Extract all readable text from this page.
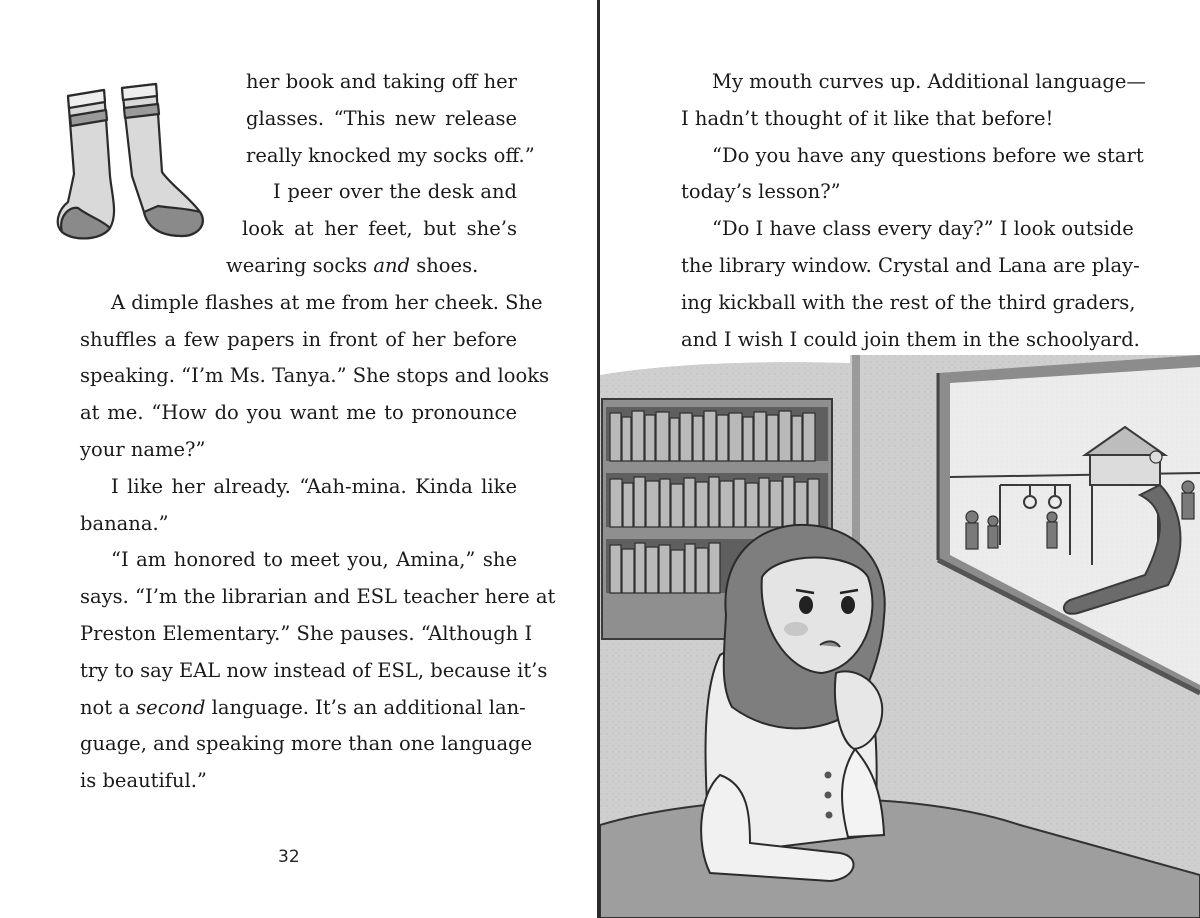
her book and taking off her
glasses. “This new release
really knocked my socks off.”
I peer over the desk and
look at her feet, but she’s
wearing socks and shoes.
A dimple flashes at me from her cheek. She
shuffles a few papers in front of her before
speaking. “I’m Ms. Tanya.” She stops and looks
at me. “How do you want me to pronounce
your name?”
I like her already. “Aah-mina. Kinda like
banana.”
“I am honored to meet you, Amina,” she
says. “I’m the librarian and ESL teacher here at
Preston Elementary.” She pauses. “Although I
try to say EAL now instead of ESL, because it’s
not a second language. It’s an additional lan-
guage, and speaking more than one language
is beautiful.”
32
My mouth curves up. Additional language—
I hadn’t thought of it like that before!
“Do you have any questions before we start
today’s lesson?”
“Do I have class every day?” I look outside
the library window. Crystal and Lana are play-
ing kickball with the rest of the third graders,
and I wish I could join them in the schoolyard.
